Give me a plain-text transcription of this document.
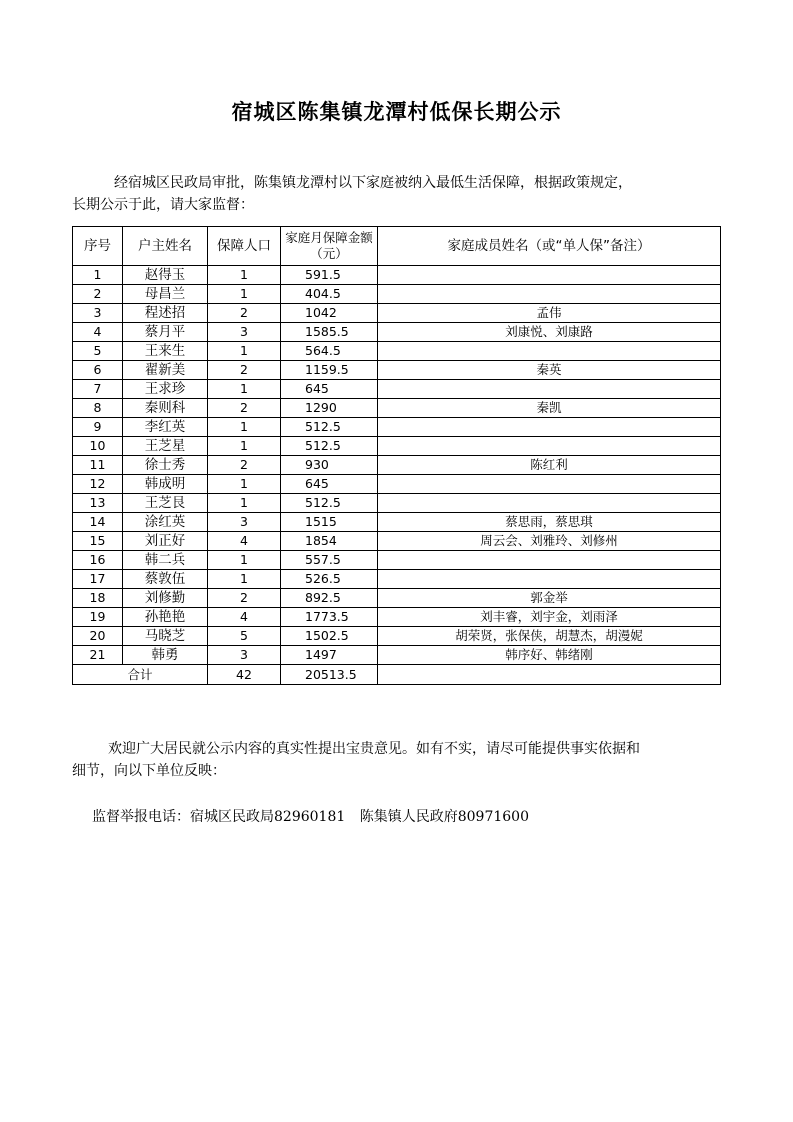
宿城区陈集镇龙潭村低保长期公示
经宿城区民政局审批，陈集镇龙潭村以下家庭被纳入最低生活保障，根据政策规定，
长期公示于此，请大家监督：
序号	户主姓名	保障人口	家庭月保障金额（元）	家庭成员姓名（或“单人保”备注）
1	赵得玉	1	591.5	
2	母昌兰	1	404.5	
3	程述招	2	1042	孟伟
4	蔡月平	3	1585.5	刘康悦、刘康路
5	王来生	1	564.5	
6	翟新美	2	1159.5	秦英
7	王求珍	1	645	
8	秦则科	2	1290	秦凯
9	李红英	1	512.5	
10	王芝星	1	512.5	
11	徐士秀	2	930	陈红利
12	韩成明	1	645	
13	王芝艮	1	512.5	
14	涂红英	3	1515	蔡思雨，蔡思琪
15	刘正好	4	1854	周云会、刘雅玲、刘修州
16	韩二兵	1	557.5	
17	蔡敦伍	1	526.5	
18	刘修勤	2	892.5	郭金举
19	孙艳艳	4	1773.5	刘丰睿，刘宇金，刘雨泽
20	马晓芝	5	1502.5	胡荣贤，张保侠，胡慧杰，胡漫妮
21	韩勇	3	1497	韩序好、韩绪刚
合计		42	20513.5	
欢迎广大居民就公示内容的真实性提出宝贵意见。如有不实，请尽可能提供事实依据和
细节，向以下单位反映：
监督举报电话：宿城区民政局82960181 陈集镇人民政府80971600
